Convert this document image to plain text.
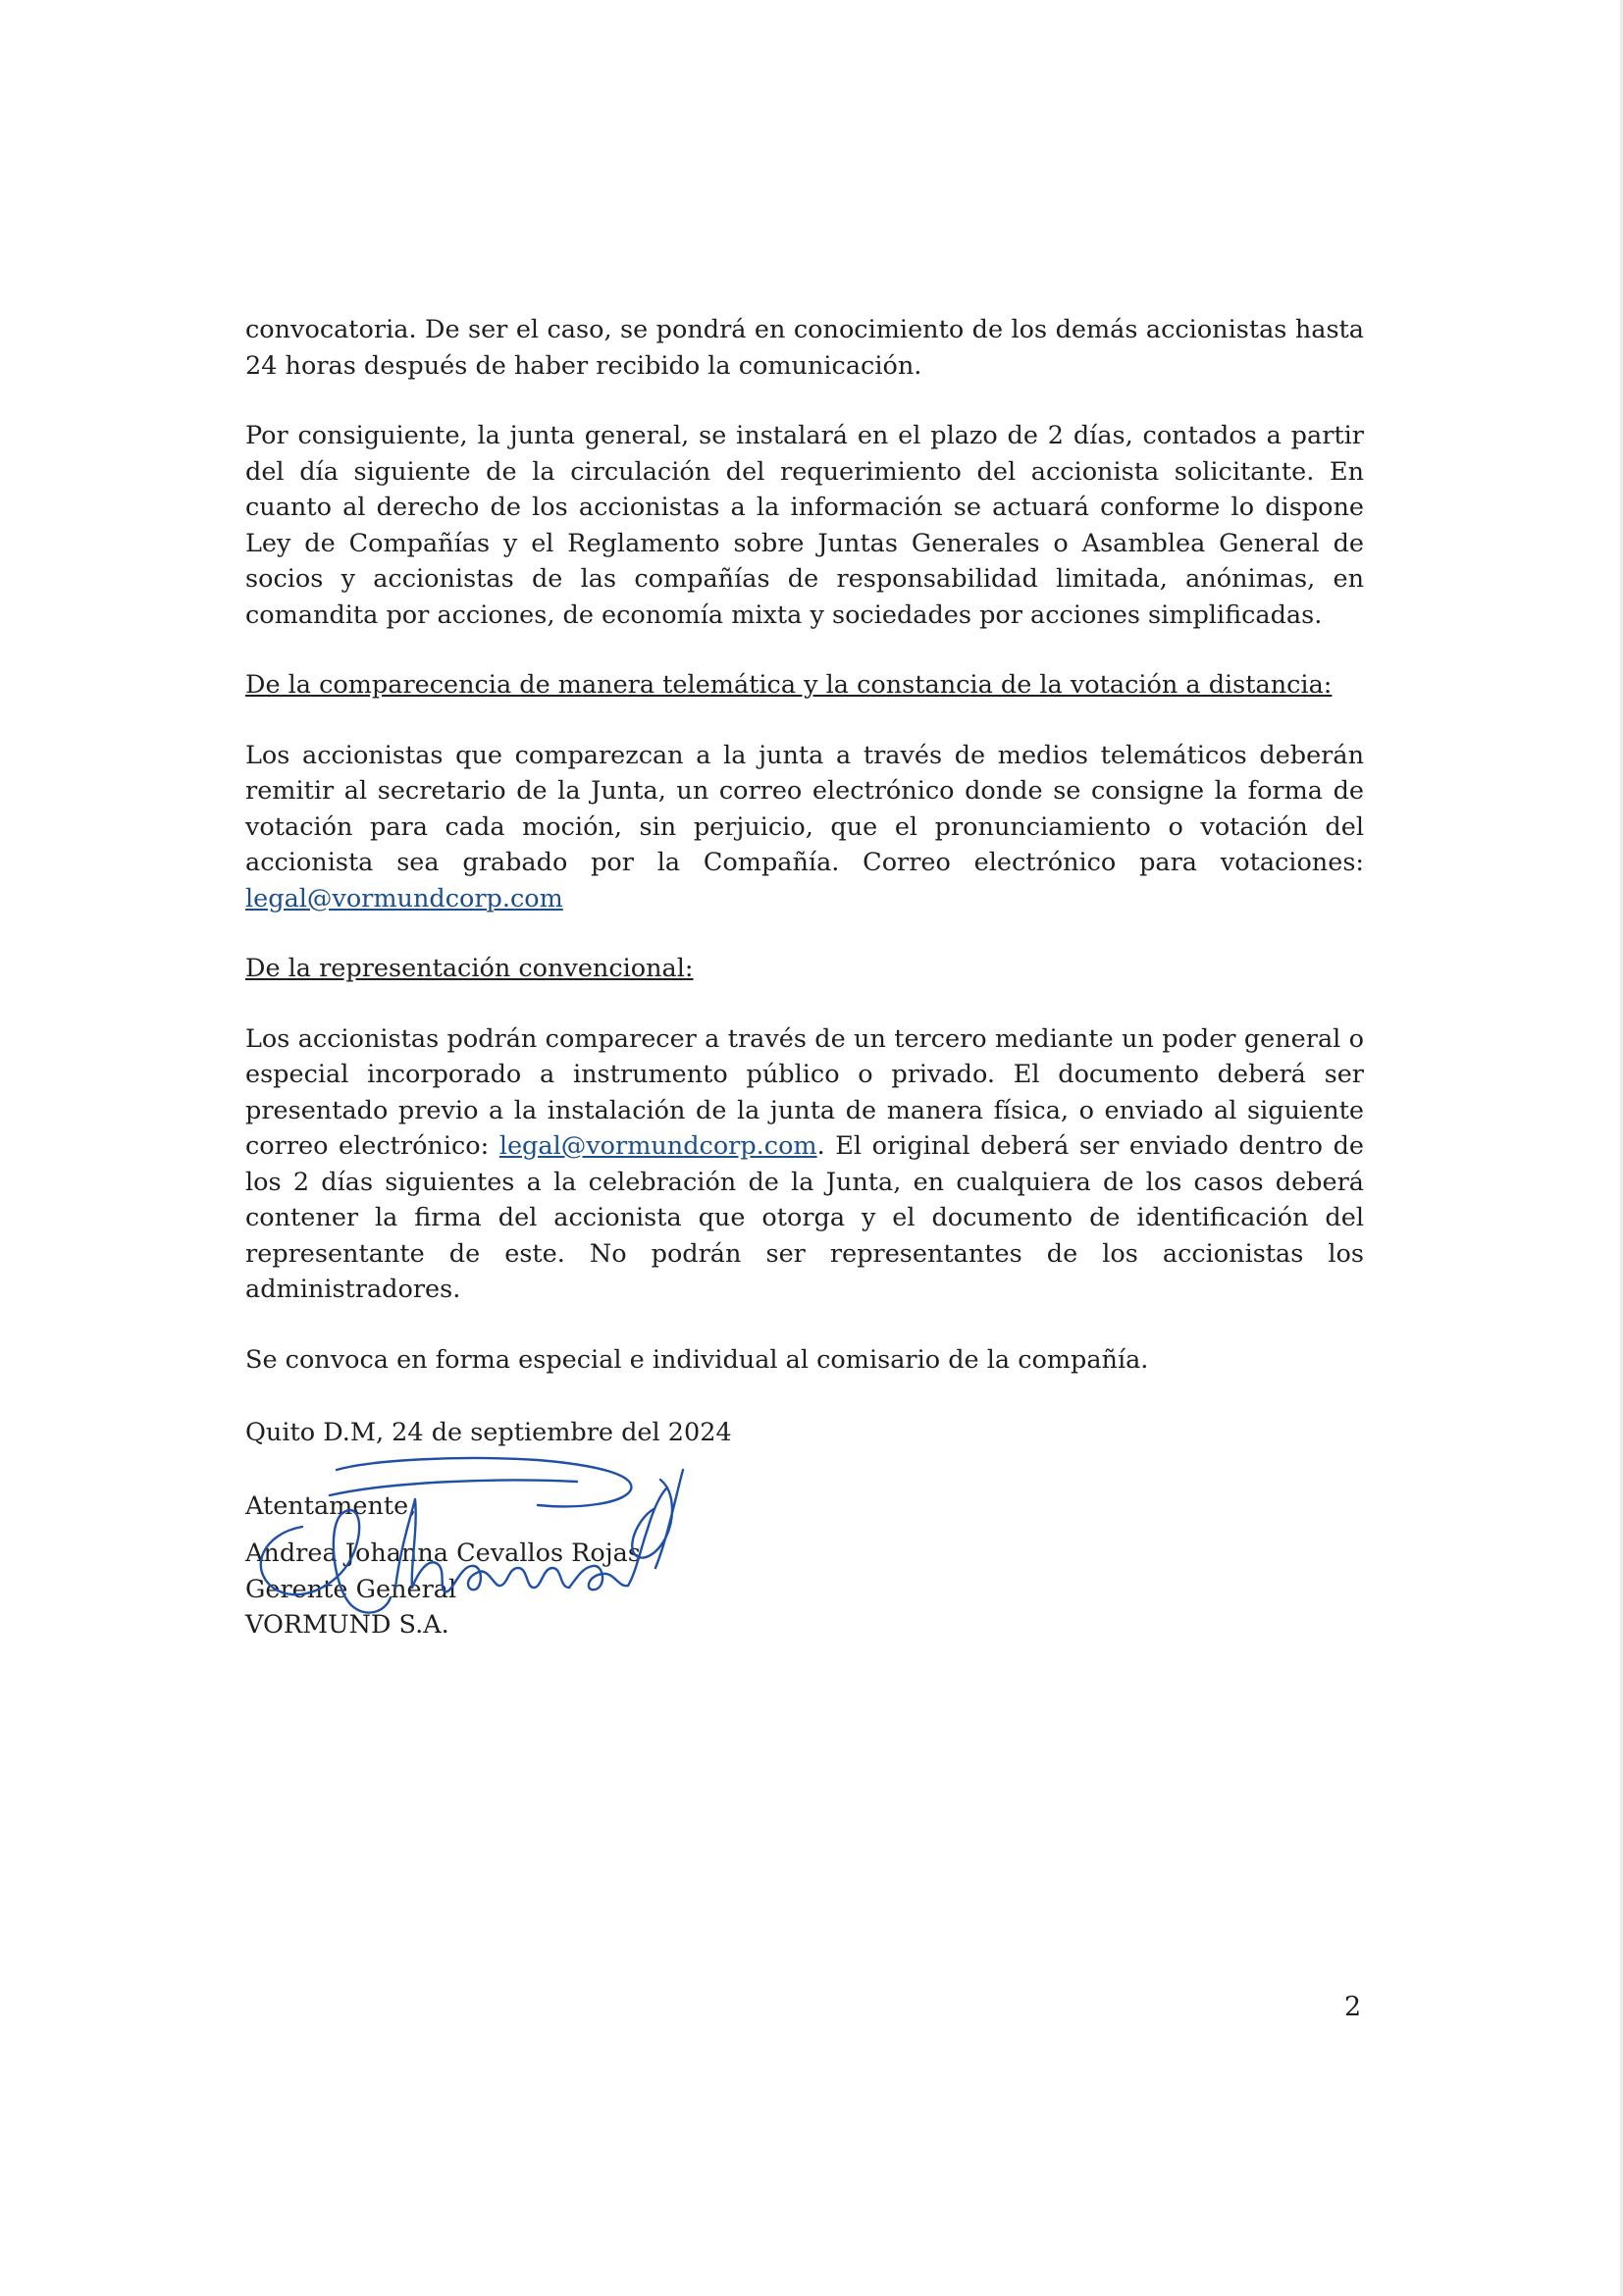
convocatoria. De ser el caso, se pondrá en conocimiento de los demás accionistas hasta 24 horas después de haber recibido la comunicación.

Por consiguiente, la junta general, se instalará en el plazo de 2 días, contados a partir del día siguiente de la circulación del requerimiento del accionista solicitante. En cuanto al derecho de los accionistas a la información se actuará conforme lo dispone Ley de Compañías y el Reglamento sobre Juntas Generales o Asamblea General de socios y accionistas de las compañías de responsabilidad limitada, anónimas, en comandita por acciones, de economía mixta y sociedades por acciones simplificadas.

De la comparecencia de manera telemática y la constancia de la votación a distancia:

Los accionistas que comparezcan a la junta a través de medios telemáticos deberán remitir al secretario de la Junta, un correo electrónico donde se consigne la forma de votación para cada moción, sin perjuicio, que el pronunciamiento o votación del accionista sea grabado por la Compañía. Correo electrónico para votaciones: legal@vormundcorp.com

De la representación convencional:

Los accionistas podrán comparecer a través de un tercero mediante un poder general o especial incorporado a instrumento público o privado. El documento deberá ser presentado previo a la instalación de la junta de manera física, o enviado al siguiente correo electrónico: legal@vormundcorp.com. El original deberá ser enviado dentro de los 2 días siguientes a la celebración de la Junta, en cualquiera de los casos deberá contener la firma del accionista que otorga y el documento de identificación del representante de este. No podrán ser representantes de los accionistas los administradores.

Se convoca en forma especial e individual al comisario de la compañía.

Quito D.M, 24 de septiembre del 2024

Atentamente,

Andrea Johanna Cevallos Rojas
Gerente General
VORMUND S.A.
2
